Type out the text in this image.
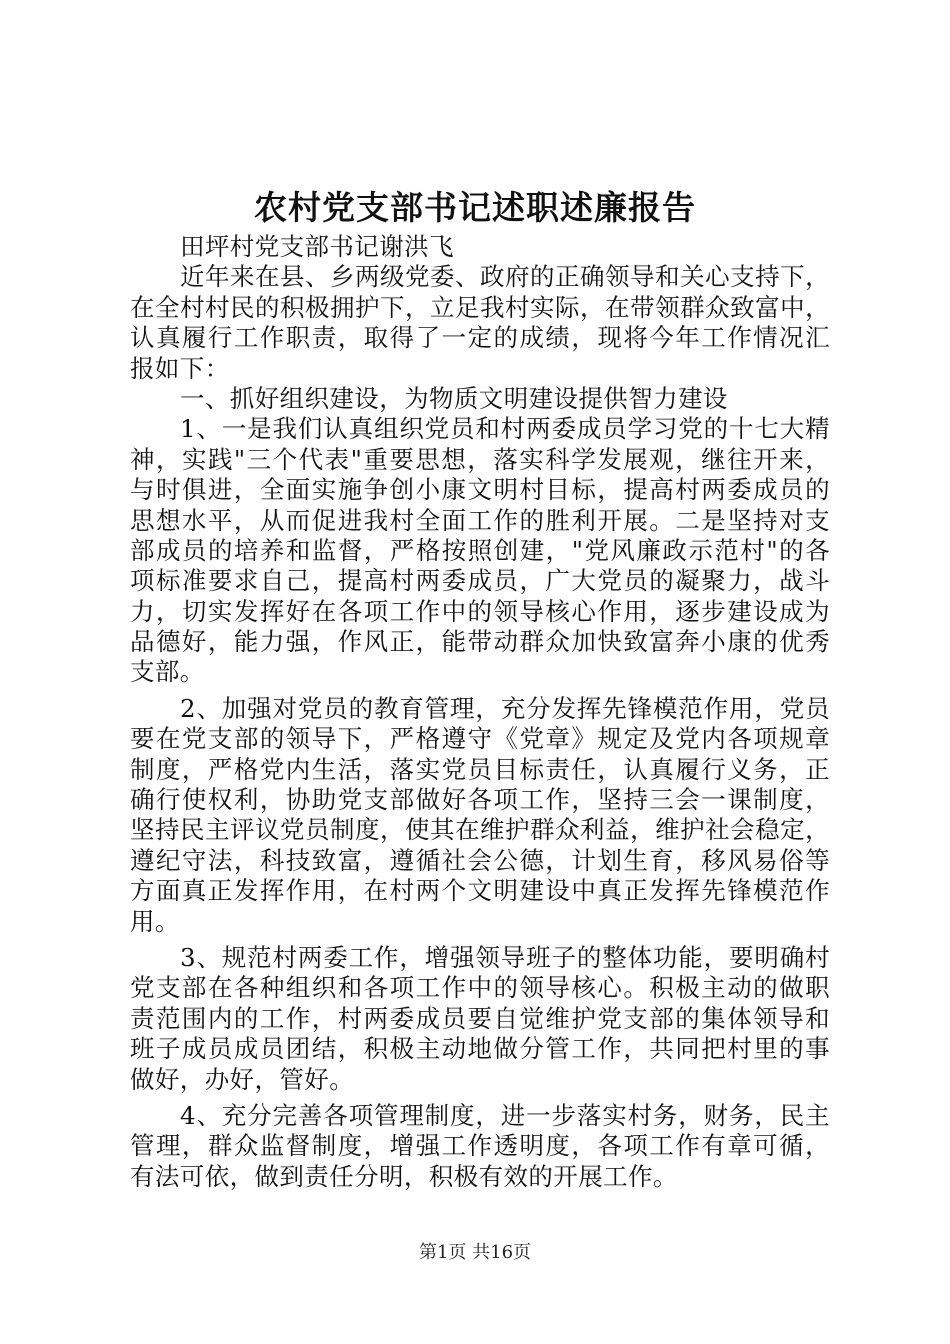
农村党支部书记述职述廉报告
田坪村党支部书记谢洪飞
近年来在县、乡两级党委、政府的正确领导和关心支持下，
在全村村民的积极拥护下，立足我村实际，在带领群众致富中，
认真履行工作职责，取得了一定的成绩，现将今年工作情况汇
报如下：
一、抓好组织建设，为物质文明建设提供智力建设
1、一是我们认真组织党员和村两委成员学习党的十七大精
神，实践"三个代表"重要思想，落实科学发展观，继往开来，
与时俱进，全面实施争创小康文明村目标，提高村两委成员的
思想水平，从而促进我村全面工作的胜利开展。二是坚持对支
部成员的培养和监督，严格按照创建，"党风廉政示范村"的各
项标准要求自己，提高村两委成员，广大党员的凝聚力，战斗
力，切实发挥好在各项工作中的领导核心作用，逐步建设成为
品德好，能力强，作风正，能带动群众加快致富奔小康的优秀
支部。
2、加强对党员的教育管理，充分发挥先锋模范作用，党员
要在党支部的领导下，严格遵守《党章》规定及党内各项规章
制度，严格党内生活，落实党员目标责任，认真履行义务，正
确行使权利，协助党支部做好各项工作，坚持三会一课制度，
坚持民主评议党员制度，使其在维护群众利益，维护社会稳定，
遵纪守法，科技致富，遵循社会公德，计划生育，移风易俗等
方面真正发挥作用，在村两个文明建设中真正发挥先锋模范作
用。
3、规范村两委工作，增强领导班子的整体功能，要明确村
党支部在各种组织和各项工作中的领导核心。积极主动的做职
责范围内的工作，村两委成员要自觉维护党支部的集体领导和
班子成员成员团结，积极主动地做分管工作，共同把村里的事
做好，办好，管好。
4、充分完善各项管理制度，进一步落实村务，财务，民主
管理，群众监督制度，增强工作透明度，各项工作有章可循，
有法可依，做到责任分明，积极有效的开展工作。
第1页 共16页
